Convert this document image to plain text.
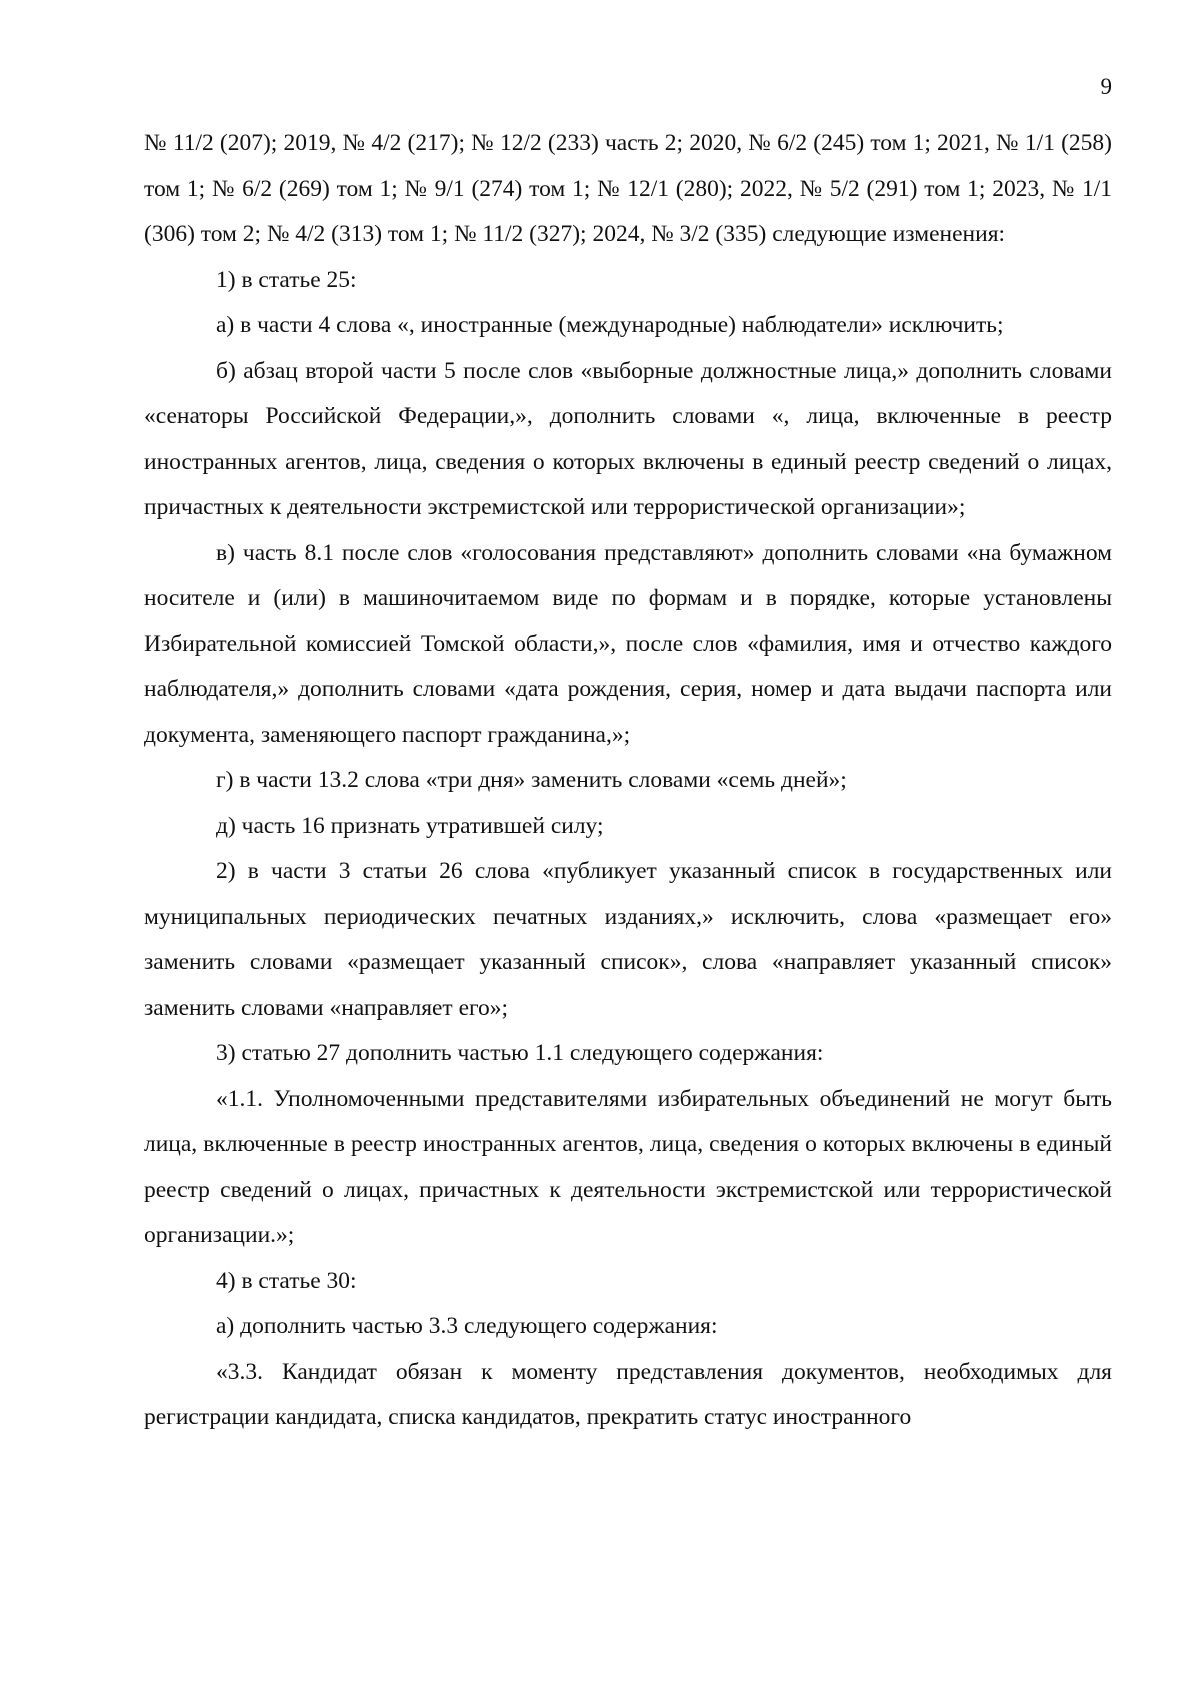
9

№ 11/2 (207); 2019, № 4/2 (217); № 12/2 (233) часть 2; 2020, № 6/2 (245) том 1; 2021, № 1/1 (258) том 1; № 6/2 (269) том 1; № 9/1 (274) том 1; № 12/1 (280); 2022, № 5/2 (291) том 1; 2023, № 1/1 (306) том 2; № 4/2 (313) том 1; № 11/2 (327); 2024, № 3/2 (335) следующие изменения:

1) в статье 25:

а) в части 4 слова «, иностранные (международные) наблюдатели» исключить;

б) абзац второй части 5 после слов «выборные должностные лица,» дополнить словами «сенаторы Российской Федерации,», дополнить словами «, лица, включенные в реестр иностранных агентов, лица, сведения о которых включены в единый реестр сведений о лицах, причастных к деятельности экстремистской или террористической организации»;

в) часть 8.1 после слов «голосования представляют» дополнить словами «на бумажном носителе и (или) в машиночитаемом виде по формам и в порядке, которые установлены Избирательной комиссией Томской области,», после слов «фамилия, имя и отчество каждого наблюдателя,» дополнить словами «дата рождения, серия, номер и дата выдачи паспорта или документа, заменяющего паспорт гражданина,»;

г) в части 13.2 слова «три дня» заменить словами «семь дней»;

д) часть 16 признать утратившей силу;

2) в части 3 статьи 26 слова «публикует указанный список в государственных или муниципальных периодических печатных изданиях,» исключить, слова «размещает его» заменить словами «размещает указанный список», слова «направляет указанный список» заменить словами «направляет его»;

3) статью 27 дополнить частью 1.1 следующего содержания:

«1.1. Уполномоченными представителями избирательных объединений не могут быть лица, включенные в реестр иностранных агентов, лица, сведения о которых включены в единый реестр сведений о лицах, причастных к деятельности экстремистской или террористической организации.»;

4) в статье 30:

а) дополнить частью 3.3 следующего содержания:

«3.3. Кандидат обязан к моменту представления документов, необходимых для регистрации кандидата, списка кандидатов, прекратить статус иностранного
